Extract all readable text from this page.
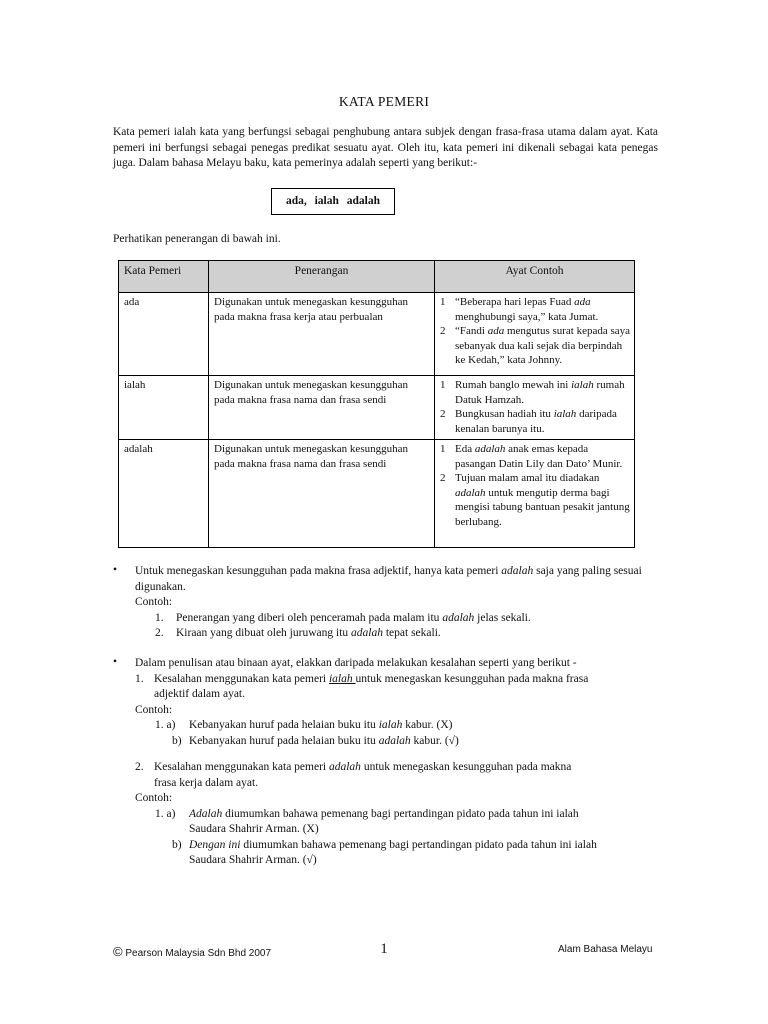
KATA PEMERI
Kata pemeri ialah kata yang berfungsi sebagai penghubung antara subjek dengan frasa-frasa utama dalam ayat. Kata pemeri ini berfungsi sebagai penegas predikat sesuatu ayat. Oleh itu, kata pemeri ini dikenali sebagai kata penegas juga. Dalam bahasa Melayu baku, kata pemerinya adalah seperti yang berikut:-
ada, ialah adalah
Perhatikan penerangan di bawah ini.
Kata Pemeri	Penerangan	Ayat Contoh
ada	Digunakan untuk menegaskan kesungguhan pada makna frasa kerja atau perbualan	1 “Beberapa hari lepas Fuad ada menghubungi saya,” kata Jumat.
2 “Fandi ada mengutus surat kepada saya sebanyak dua kali sejak dia berpindah ke Kedah,” kata Johnny.

ialah	Digunakan untuk menegaskan kesungguhan pada makna frasa nama dan frasa sendi	1 Rumah banglo mewah ini ialah rumah Datuk Hamzah.
2 Bungkusan hadiah itu ialah daripada kenalan barunya itu.

adalah	Digunakan untuk menegaskan kesungguhan pada makna frasa nama dan frasa sendi	1 Eda adalah anak emas kepada pasangan Datin Lily dan Dato’ Munir.
2 Tujuan malam amal itu diadakan adalah untuk mengutip derma bagi mengisi tabung bantuan pesakit jantung berlubang.
•	Untuk menegaskan kesungguhan pada makna frasa adjektif, hanya kata pemeri adalah saja yang paling sesuai digunakan.
Contoh:
1.	Penerangan yang diberi oleh penceramah pada malam itu adalah jelas sekali.
2.	Kiraan yang dibuat oleh juruwang itu adalah tepat sekali.
•	Dalam penulisan atau binaan ayat, elakkan daripada melakukan kesalahan seperti yang berikut -
1. Kesalahan menggunakan kata pemeri ialah untuk menegaskan kesungguhan pada makna frasa adjektif dalam ayat.
Contoh:
1. a)	Kebanyakan huruf pada helaian buku itu ialah kabur. (X)
b) Kebanyakan huruf pada helaian buku itu adalah kabur. (√)
2. Kesalahan menggunakan kata pemeri adalah untuk menegaskan kesungguhan pada makna frasa kerja dalam ayat.
Contoh:
1. a)	Adalah diumumkan bahawa pemenang bagi pertandingan pidato pada tahun ini ialah Saudara Shahrir Arman. (X)
b) Dengan ini diumumkan bahawa pemenang bagi pertandingan pidato pada tahun ini ialah Saudara Shahrir Arman. (√)
© Pearson Malaysia Sdn Bhd 2007	1	Alam Bahasa Melayu
